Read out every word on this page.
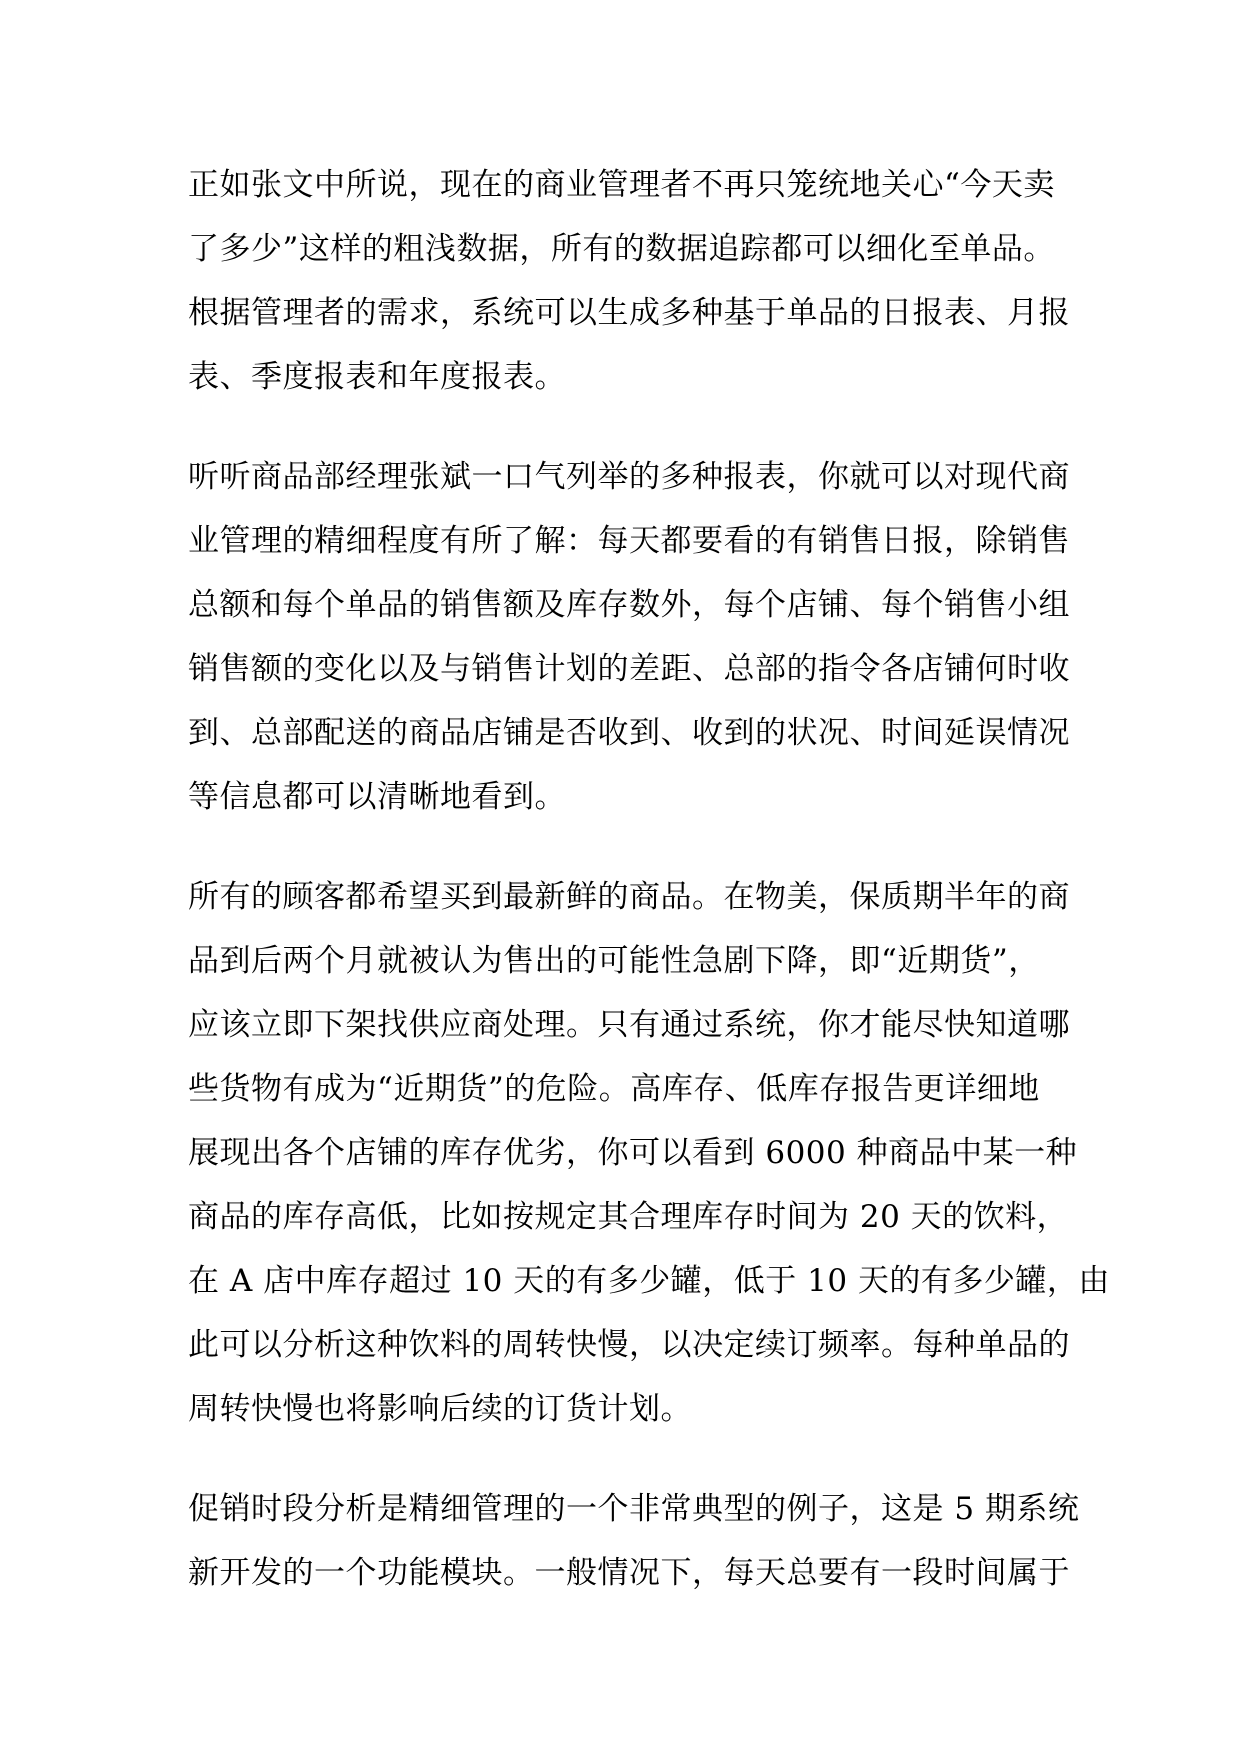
正如张文中所说，现在的商业管理者不再只笼统地关心“今天卖
了多少”这样的粗浅数据，所有的数据追踪都可以细化至单品。
根据管理者的需求，系统可以生成多种基于单品的日报表、月报
表、季度报表和年度报表。
听听商品部经理张斌一口气列举的多种报表，你就可以对现代商
业管理的精细程度有所了解：每天都要看的有销售日报，除销售
总额和每个单品的销售额及库存数外，每个店铺、每个销售小组
销售额的变化以及与销售计划的差距、总部的指令各店铺何时收
到、总部配送的商品店铺是否收到、收到的状况、时间延误情况
等信息都可以清晰地看到。
所有的顾客都希望买到最新鲜的商品。在物美，保质期半年的商
品到后两个月就被认为售出的可能性急剧下降，即“近期货”，
应该立即下架找供应商处理。只有通过系统，你才能尽快知道哪
些货物有成为“近期货”的危险。高库存、低库存报告更详细地
展现出各个店铺的库存优劣，你可以看到 6000 种商品中某一种
商品的库存高低，比如按规定其合理库存时间为 20 天的饮料，
在 A 店中库存超过 10 天的有多少罐，低于 10 天的有多少罐，由
此可以分析这种饮料的周转快慢，以决定续订频率。每种单品的
周转快慢也将影响后续的订货计划。
促销时段分析是精细管理的一个非常典型的例子，这是 5 期系统
新开发的一个功能模块。一般情况下，每天总要有一段时间属于
